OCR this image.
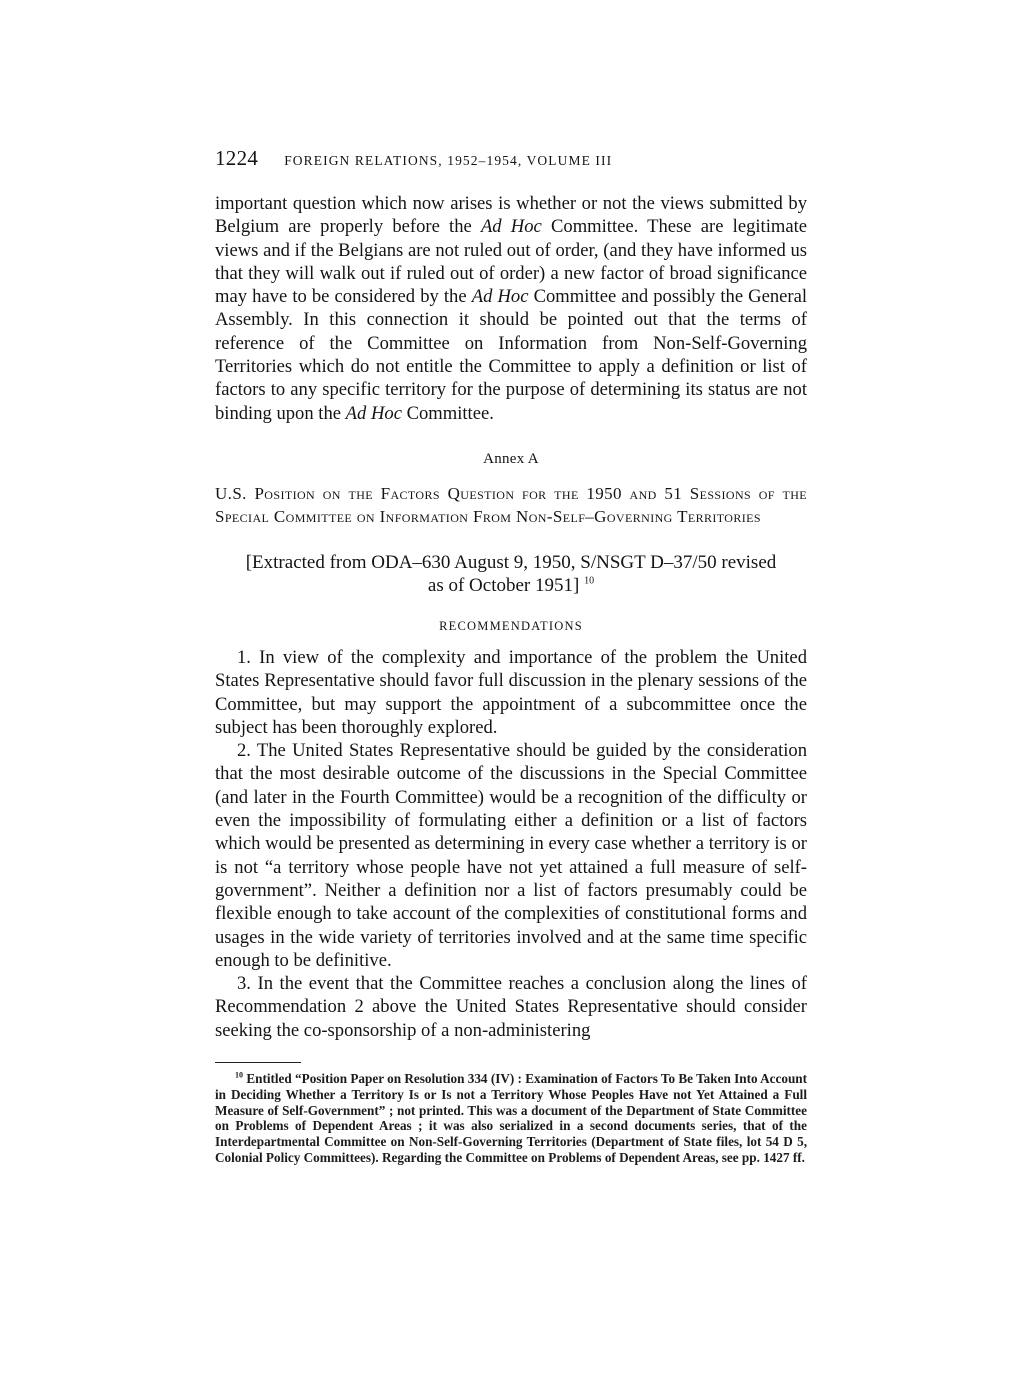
1224 FOREIGN RELATIONS, 1952–1954, VOLUME III

important question which now arises is whether or not the views submitted by Belgium are properly before the Ad Hoc Committee. These are legitimate views and if the Belgians are not ruled out of order, (and they have informed us that they will walk out if ruled out of order) a new factor of broad significance may have to be considered by the Ad Hoc Committee and possibly the General Assembly. In this connection it should be pointed out that the terms of reference of the Committee on Information from Non-Self-Governing Territories which do not entitle the Committee to apply a definition or list of factors to any specific territory for the purpose of determining its status are not binding upon the Ad Hoc Committee.

Annex A
U.S. Position on the Factors Question for the 1950 and 51 Sessions of the Special Committee on Information From Non-Self–Governing Territories
[Extracted from ODA–630 August 9, 1950, S/NSGT D–37/50 revised
as of October 1951] $^{10}$
RECOMMENDATIONS

1. In view of the complexity and importance of the problem the United States Representative should favor full discussion in the plenary sessions of the Committee, but may support the appointment of a subcommittee once the subject has been thoroughly explored.

2. The United States Representative should be guided by the consideration that the most desirable outcome of the discussions in the Special Committee (and later in the Fourth Committee) would be a recognition of the difficulty or even the impossibility of formulating either a definition or a list of factors which would be presented as determining in every case whether a territory is or is not “a territory whose people have not yet attained a full measure of self-government”. Neither a definition nor a list of factors presumably could be flexible enough to take account of the complexities of constitutional forms and usages in the wide variety of territories involved and at the same time specific enough to be definitive.

3. In the event that the Committee reaches a conclusion along the lines of Recommendation 2 above the United States Representative should consider seeking the co-sponsorship of a non-administering

$^{10}$ Entitled “Position Paper on Resolution 334 (IV) : Examination of Factors To Be Taken Into Account in Deciding Whether a Territory Is or Is not a Territory Whose Peoples Have not Yet Attained a Full Measure of Self-Government” ; not printed. This was a document of the Department of State Committee on Problems of Dependent Areas ; it was also serialized in a second documents series, that of the Interdepartmental Committee on Non-Self-Governing Territories (Department of State files, lot 54 D 5, Colonial Policy Committees). Regarding the Committee on Problems of Dependent Areas, see pp. 1427 ff.
